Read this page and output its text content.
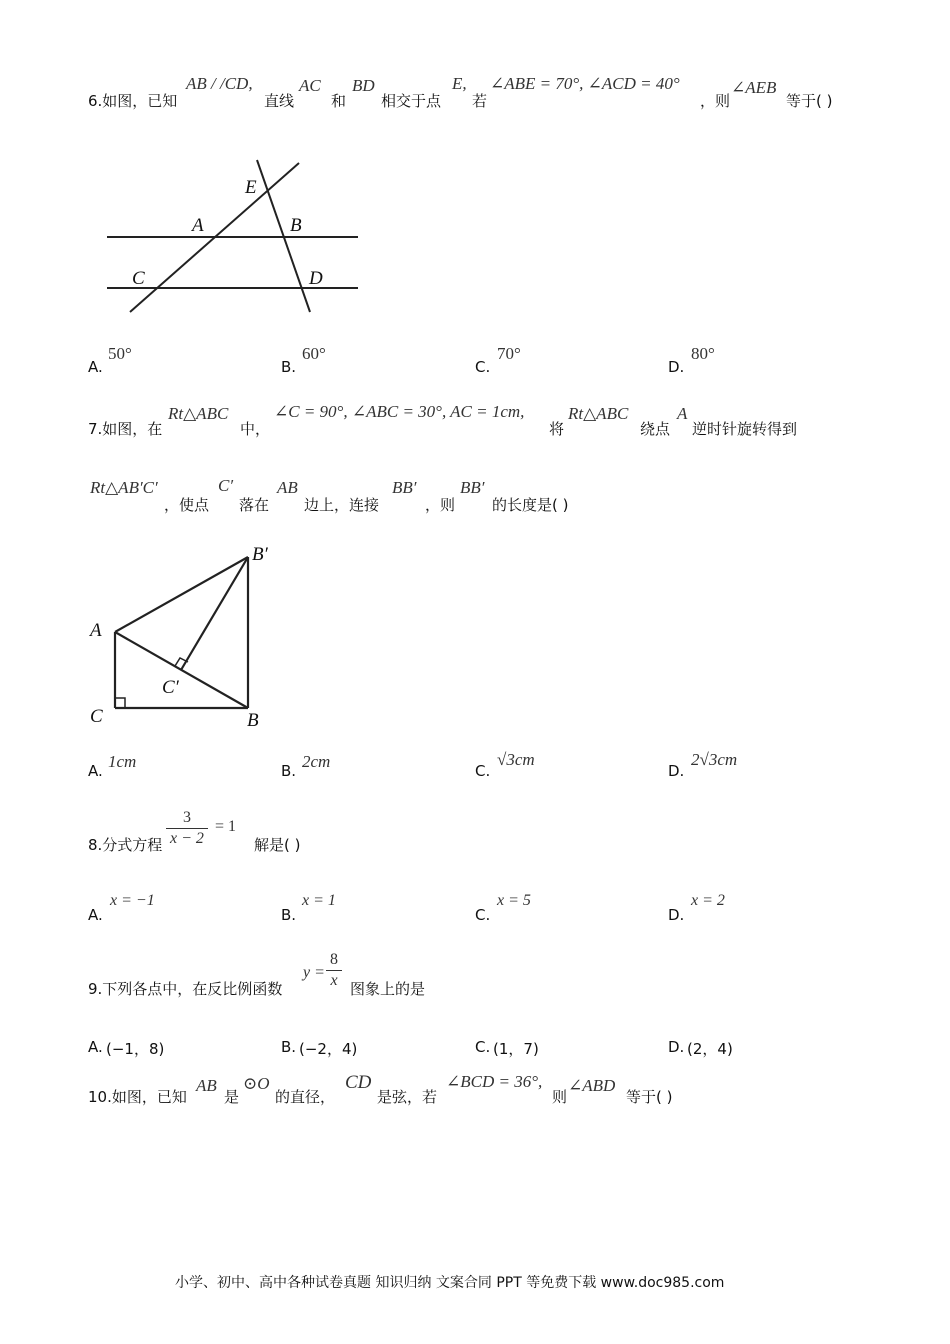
6.如图，已知
AB / /CD,
直线
AC
和
BD
相交于点
E,
若
∠ABE = 70°, ∠ACD = 40°
，则
∠AEB
等于( )
E
A	B
C	D
A.
50°
B.
60°
C.
70°
D.
80°
7.如图，在
Rt△ABC
中，
∠C = 90°, ∠ABC = 30°, AC = 1cm,
将
Rt△ABC
绕点
A
逆时针旋转得到
Rt△AB′C′
，使点
C′
落在
AB
边上，连接
BB′
，则
BB′
的长度是( )
B′
A
C′
C	B
A. 1cm	B. 2cm	C.
√3cm
D.
2√3cm
8.分式方程 $\frac{3}{x - 2} = 1$
解是( )
A.
x = −1
B.
x = 1
C.
x = 5
D.
x = 2
9.下列各点中，在反比例函数
$y = \frac{8}{x}$ 图象上的是
A. (−1，8)	B. (−2，4)	C. (1，7)	D. (2，4)
10.如图，已知
AB
是
⊙O
的直径，
CD
是弦，若
∠BCD = 36°,
则
∠ABD
等于( )
小学、初中、高中各种试卷真题 知识归纳 文案合同 PPT 等免费下载 www.doc985.com
